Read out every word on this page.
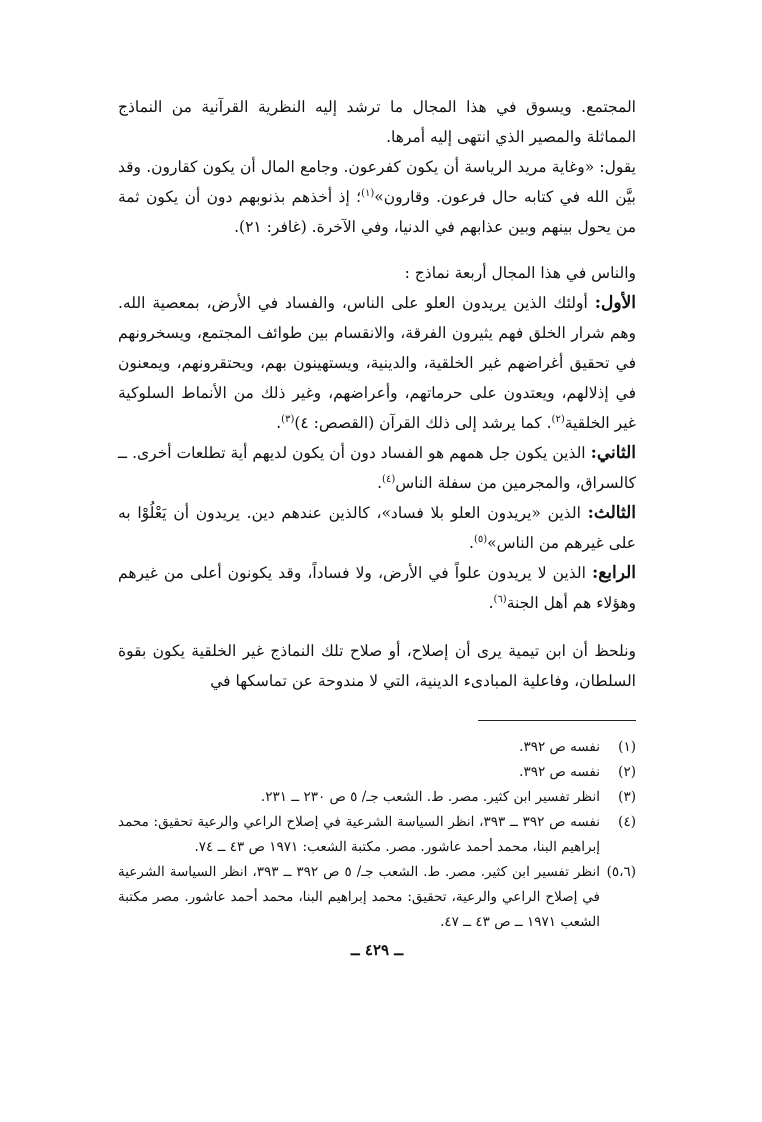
المجتمع. ويسوق في هذا المجال ما ترشد إليه النظرية القرآنية من النماذج المماثلة والمصير الذي انتهى إليه أمرها.

يقول: «وغاية مريد الرياسة أن يكون كفرعون. وجامع المال أن يكون كقارون. وقد بيَّن الله في كتابه حال فرعون. وقارون»$^{(١)}$؛ إذ أخذهم بذنوبهم دون أن يكون ثمة من يحول بينهم وبين عذابهم في الدنيا، وفي الآخرة. (غافر: ٢١).

والناس في هذا المجال أربعة نماذج :

الأول: أولئك الذين يريدون العلو على الناس، والفساد في الأرض، بمعصية الله. وهم شرار الخلق فهم يثيرون الفرقة، والانقسام بين طوائف المجتمع، ويسخرونهم في تحقيق أغراضهم غير الخلقية، والدينية، ويستهينون بهم، ويحتقرونهم، ويمعنون في إذلالهم، ويعتدون على حرماتهم، وأعراضهم، وغير ذلك من الأنماط السلوكية غير الخلقية$^{(٢)}$. كما يرشد إلى ذلك القرآن (القصص: ٤)$^{(٣)}$.

الثاني: الذين يكون جل همهم هو الفساد دون أن يكون لديهم أية تطلعات أخرى. ــ كالسراق، والمجرمين من سفلة الناس$^{(٤)}$.

الثالث: الذين «يريدون العلو بلا فساد»، كالذين عندهم دين. يريدون أن يَعْلُوْا به على غيرهم من الناس»$^{(٥)}$.

الرابع: الذين لا يريدون علواً في الأرض، ولا فساداً، وقد يكونون أعلى من غيرهم وهؤلاء هم أهل الجنة$^{(٦)}$.

ونلحظ أن ابن تيمية يرى أن إصلاح، أو صلاح تلك النماذج غير الخلقية يكون بقوة السلطان، وفاعلية المبادىء الدينية، التي لا مندوحة عن تماسكها في

(١)
نفسه ص ٣٩٢.
(٢)
نفسه ص ٣٩٢.
(٣)
انظر تفسير ابن كثير. مصر. ط. الشعب جـ/ ٥ ص ٢٣٠ ــ ٢٣١.
(٤)
نفسه ص ٣٩٢ ــ ٣٩٣، انظر السياسة الشرعية في إصلاح الراعي والرعية تحقيق: محمد إبراهيم البنا، محمد أحمد عاشور. مصر. مكتبة الشعب: ١٩٧١ ص ٤٣ ــ ٧٤.
(٥،٦)
انظر تفسير ابن كثير. مصر. ط. الشعب جـ/ ٥ ص ٣٩٢ ــ ٣٩٣، انظر السياسة الشرعية في إصلاح الراعي والرعية، تحقيق: محمد إبراهيم البنا، محمد أحمد عاشور. مصر مكتبة الشعب ١٩٧١ ــ ص ٤٣ ــ ٤٧.
ــ ٤٢٩ ــ
